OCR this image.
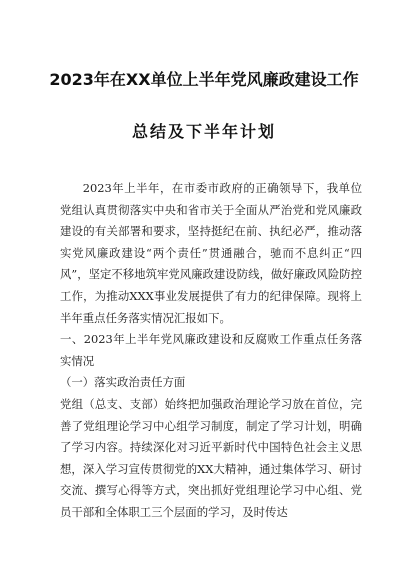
2023年在XX单位上半年党风廉政建设工作
总结及下半年计划

2023年上半年，在市委市政府的正确领导下，我单位党组认真贯彻落实中央和省市关于全面从严治党和党风廉政建设的有关部署和要求，坚持挺纪在前、执纪必严，推动落实党风廉政建设“两个责任”贯通融合，驰而不息纠正“四风”，坚定不移地筑牢党风廉政建设防线，做好廉政风险防控工作，为推动XXX事业发展提供了有力的纪律保障。现将上半年重点任务落实情况汇报如下。

一、2023年上半年党风廉政建设和反腐败工作重点任务落实情况

（一）落实政治责任方面

党组（总支、支部）始终把加强政治理论学习放在首位，完善了党组理论学习中心组学习制度，制定了学习计划，明确了学习内容。持续深化对习近平新时代中国特色社会主义思想，深入学习宣传贯彻党的XX大精神，通过集体学习、研讨交流、撰写心得等方式，突出抓好党组理论学习中心组、党员干部和全体职工三个层面的学习，及时传达
